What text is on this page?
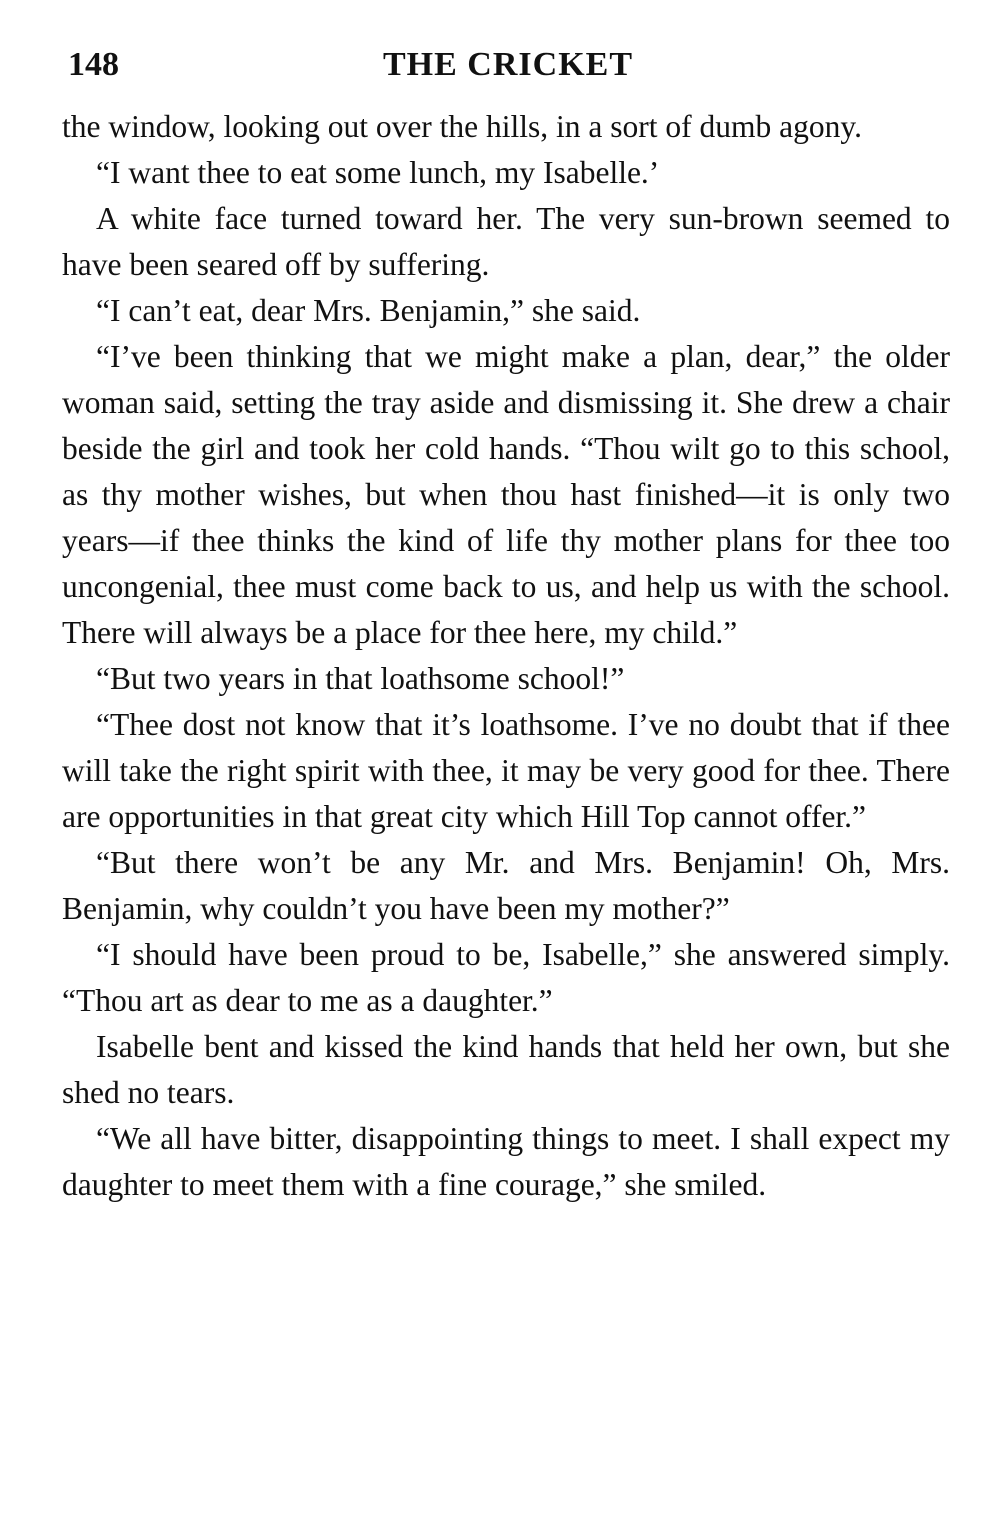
148	THE CRICKET

the window, looking out over the hills, in a sort of dumb agony.

“I want thee to eat some lunch, my Isabelle.’

A white face turned toward her. The very sun-brown seemed to have been seared off by suffering.

“I can’t eat, dear Mrs. Benjamin,” she said.

“I’ve been thinking that we might make a plan, dear,” the older woman said, setting the tray aside and dismissing it. She drew a chair beside the girl and took her cold hands. “Thou wilt go to this school, as thy mother wishes, but when thou hast finished—it is only two years—if thee thinks the kind of life thy mother plans for thee too uncongenial, thee must come back to us, and help us with the school. There will always be a place for thee here, my child.”

“But two years in that loathsome school!”

“Thee dost not know that it’s loathsome. I’ve no doubt that if thee will take the right spirit with thee, it may be very good for thee. There are opportunities in that great city which Hill Top cannot offer.”

“But there won’t be any Mr. and Mrs. Benjamin! Oh, Mrs. Benjamin, why couldn’t you have been my mother?”

“I should have been proud to be, Isabelle,” she answered simply. “Thou art as dear to me as a daughter.”

Isabelle bent and kissed the kind hands that held her own, but she shed no tears.

“We all have bitter, disappointing things to meet. I shall expect my daughter to meet them with a fine courage,” she smiled.
